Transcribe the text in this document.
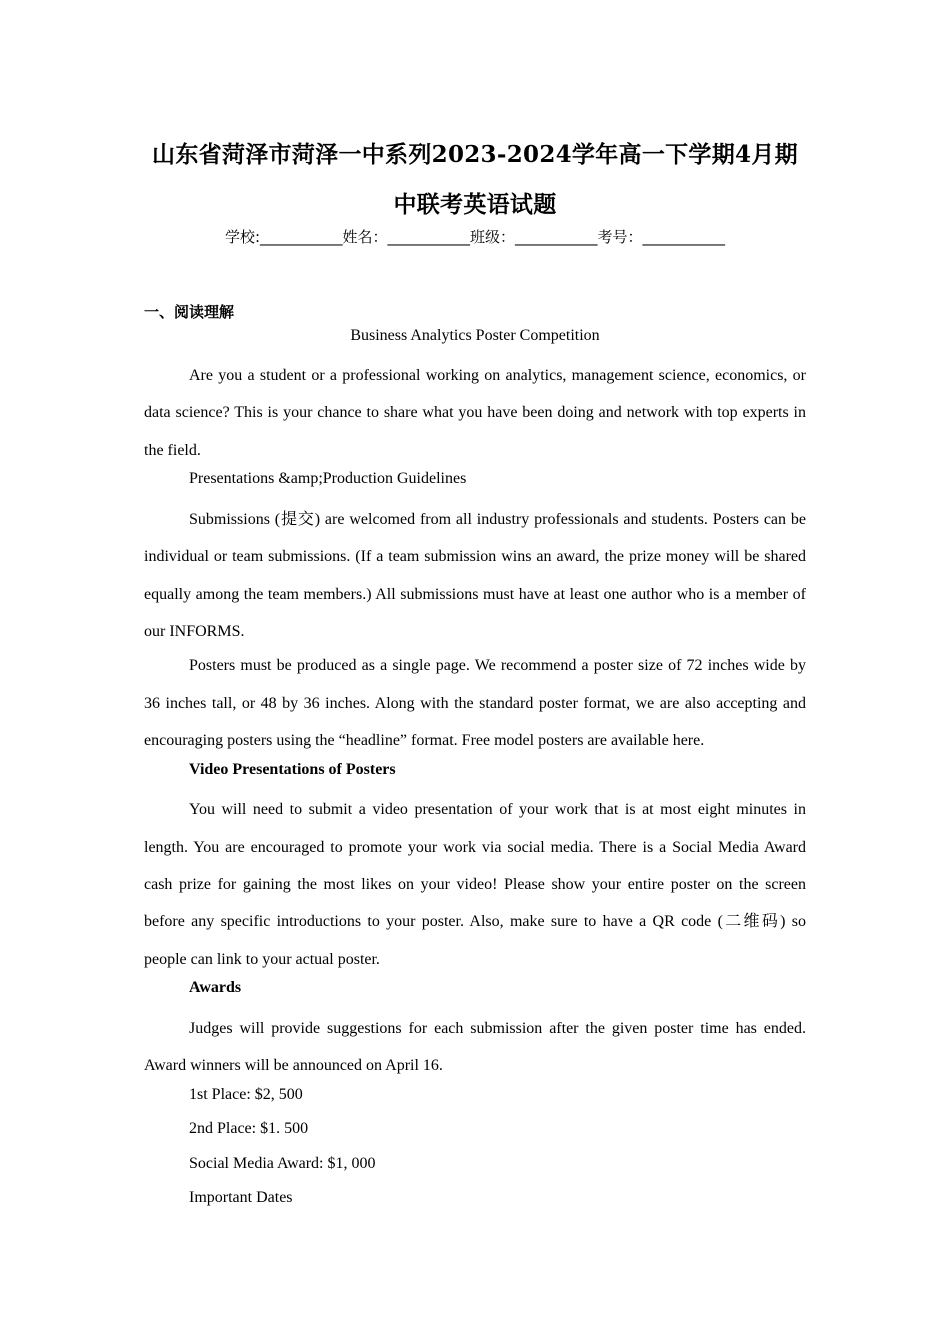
山东省菏泽市菏泽一中系列2023-2024学年高一下学期4月期
中联考英语试题
学校:___________姓名：___________班级：___________考号：___________
一、阅读理解

Business Analytics Poster Competition

Are you a student or a professional working on analytics, management science, economics, or data science? This is your chance to share what you have been doing and network with top experts in the field.

Presentations &amp;Production Guidelines

Submissions (提交) are welcomed from all industry professionals and students. Posters can be individual or team submissions. (If a team submission wins an award, the prize money will be shared equally among the team members.) All submissions must have at least one author who is a member of our INFORMS.

Posters must be produced as a single page. We recommend a poster size of 72 inches wide by 36 inches tall, or 48 by 36 inches. Along with the standard poster format, we are also accepting and encouraging posters using the “headline” format. Free model posters are available here.

Video Presentations of Posters

You will need to submit a video presentation of your work that is at most eight minutes in length. You are encouraged to promote your work via social media. There is a Social Media Award cash prize for gaining the most likes on your video! Please show your entire poster on the screen before any specific introductions to your poster. Also, make sure to have a QR code (二维码) so people can link to your actual poster.

Awards

Judges will provide suggestions for each submission after the given poster time has ended. Award winners will be announced on April 16.

1st Place: $2, 500

2nd Place: $1. 500

Social Media Award: $1, 000

Important Dates
